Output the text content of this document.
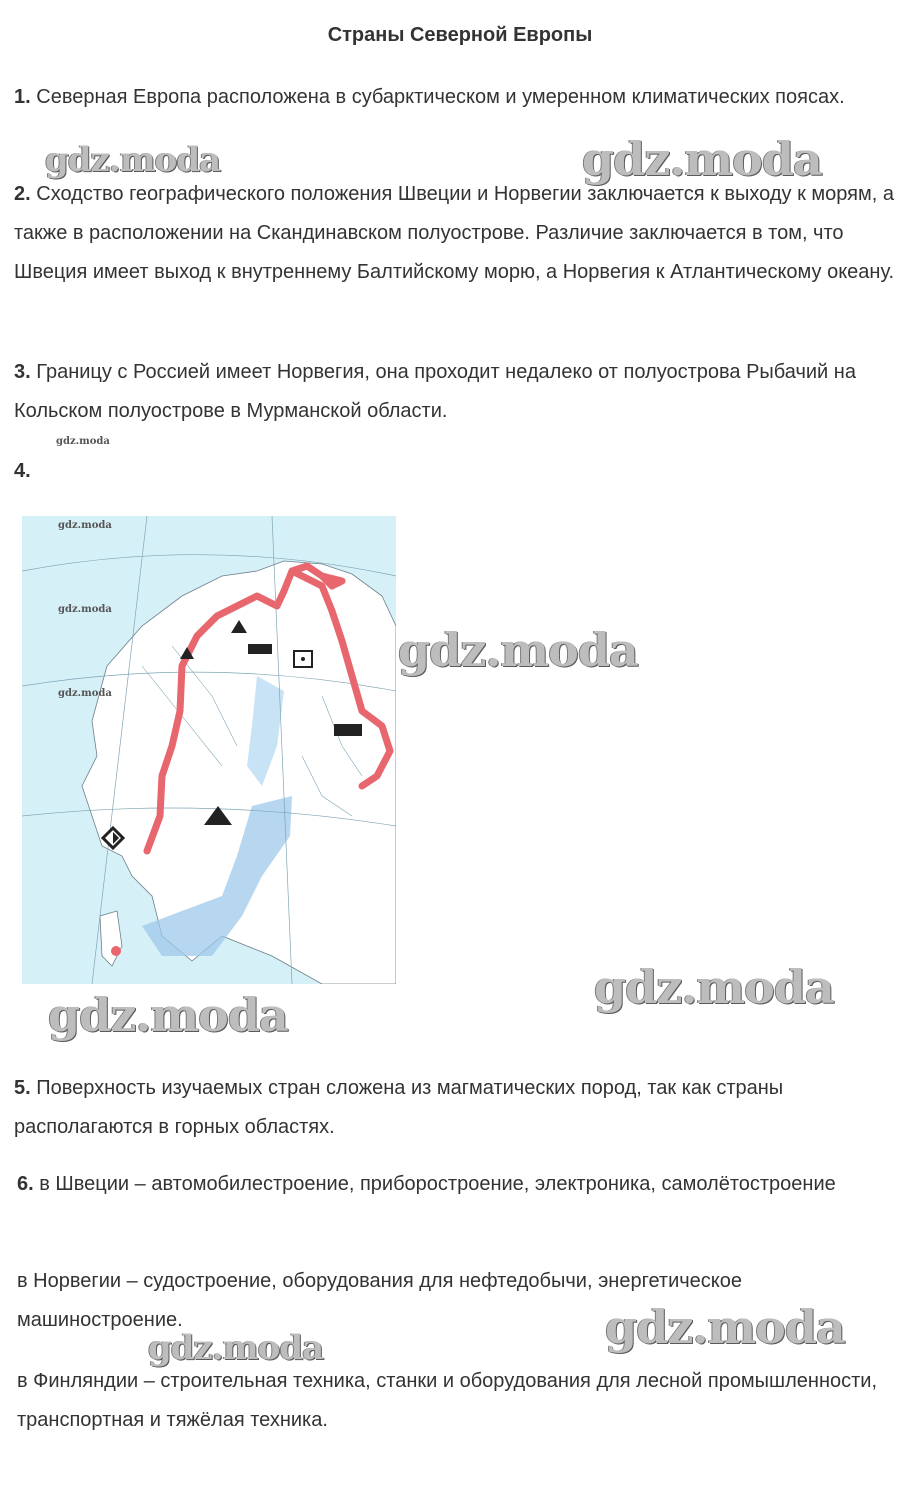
Страны Северной Европы
1. Северная Европа расположена в субарктическом и умеренном климатических поясах.
2. Сходство географического положения Швеции и Норвегии заключается к выходу к морям, а также в расположении на Скандинавском полуострове. Различие заключается в том, что Швеция имеет выход к внутреннему Балтийскому морю, а Норвегия к Атлантическому океану.
3. Границу с Россией имеет Норвегия, она проходит недалеко от полуострова Рыбачий на Кольском полуострове в Мурманской области.
4.
5. Поверхность изучаемых стран сложена из магматических пород, так как страны располагаются в горных областях.
6. в Швеции – автомобилестроение, приборостроение, электроника, самолётостроение
в Норвегии – судостроение, оборудования для нефтедобычи, энергетическое машиностроение.
в Финляндии – строительная техника, станки и оборудования для лесной промышленности, транспортная и тяжёлая техника.
gdz.moda	gdz.moda
gdz.moda
gdz.moda
gdz.moda
gdz.moda
gdz.moda
gdz.moda
gdz.moda
gdz.moda
gdz.moda
